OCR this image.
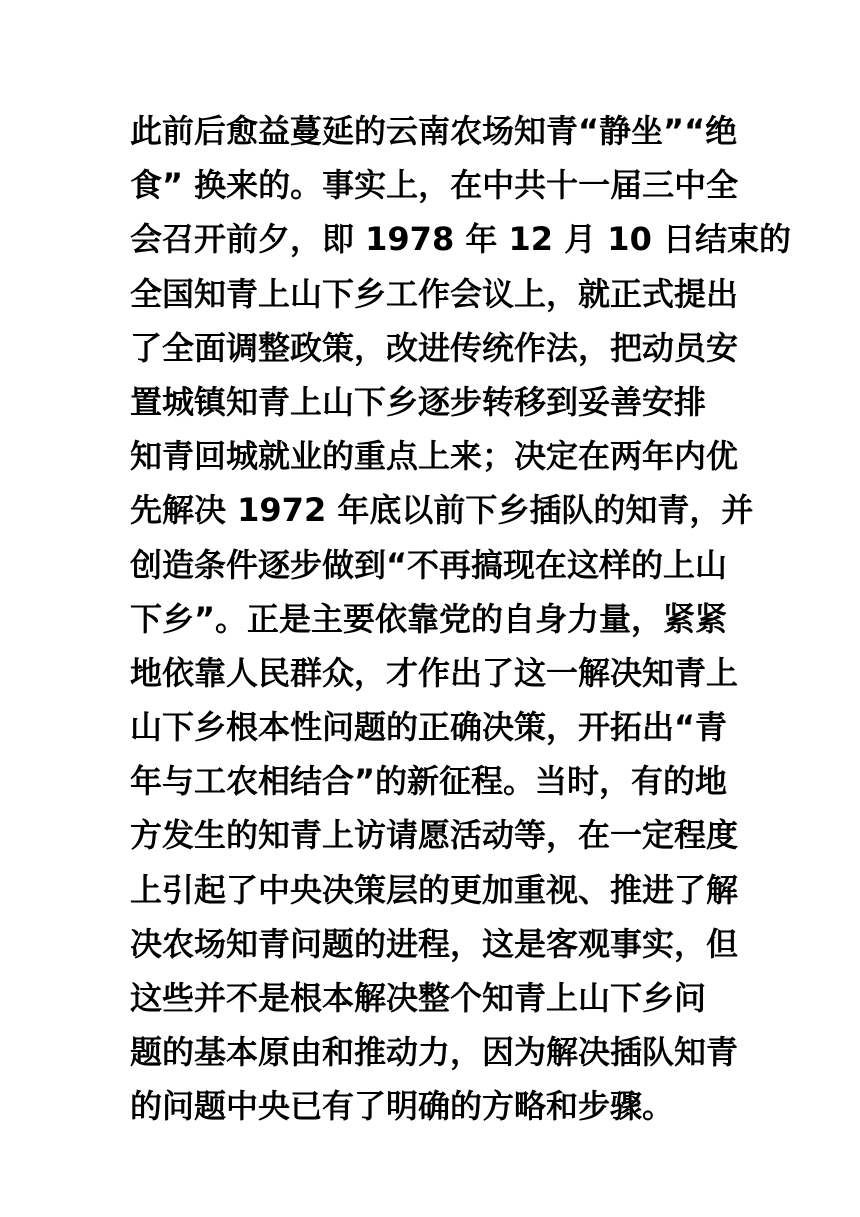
此前后愈益蔓延的云南农场知青“静坐”“绝
食” 换来的。事实上，在中共十一届三中全
会召开前夕，即 1978 年 12 月 10 日结束的
全国知青上山下乡工作会议上，就正式提出
了全面调整政策，改进传统作法，把动员安
置城镇知青上山下乡逐步转移到妥善安排
知青回城就业的重点上来；决定在两年内优
先解决 1972 年底以前下乡插队的知青，并
创造条件逐步做到“不再搞现在这样的上山
下乡”。正是主要依靠党的自身力量，紧紧
地依靠人民群众，才作出了这一解决知青上
山下乡根本性问题的正确决策，开拓出“青
年与工农相结合”的新征程。当时，有的地
方发生的知青上访请愿活动等，在一定程度
上引起了中央决策层的更加重视、推进了解
决农场知青问题的进程，这是客观事实，但
这些并不是根本解决整个知青上山下乡问
题的基本原由和推动力，因为解决插队知青
的问题中央已有了明确的方略和步骤。
